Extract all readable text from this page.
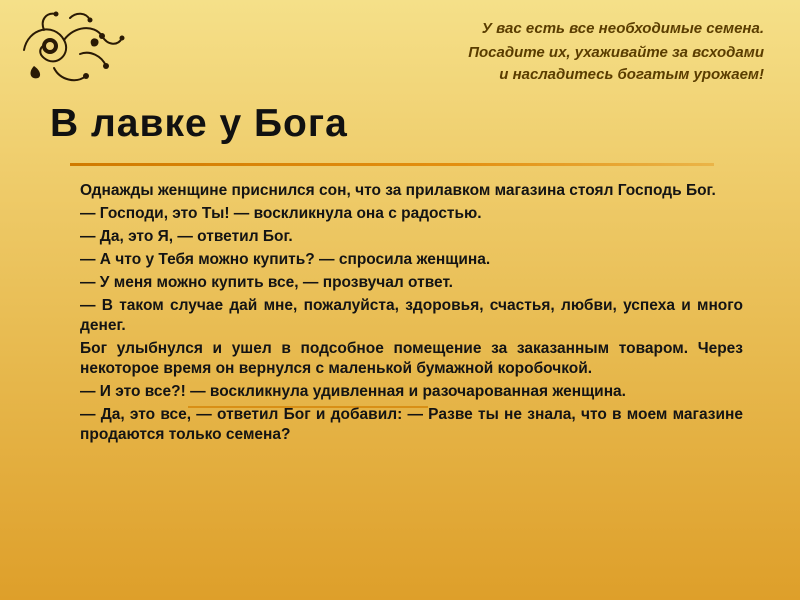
У вас есть все необходимые семена.
Посадите их, ухаживайте за всходами
и насладитесь богатым урожаем!
В лавке у Бога
Однажды женщине приснился сон, что за прилавком магазина стоял Господь Бог.
— Господи, это Ты! — воскликнула она с радостью.
— Да, это Я, — ответил Бог.
— А что у Тебя можно купить? — спросила женщина.
— У меня можно купить все, — прозвучал ответ.
— В таком случае дай мне, пожалуйста, здоровья, счастья, любви, успеха и много денег.
Бог улыбнулся и ушел в подсобное помещение за заказанным товаром. Через некоторое время он вернулся с маленькой бумажной коробочкой.
— И это все?! — воскликнула удивленная и разочарованная женщина.
— Да, это все, — ответил Бог и добавил: — Разве ты не знала, что в моем магазине продаются только семена?
